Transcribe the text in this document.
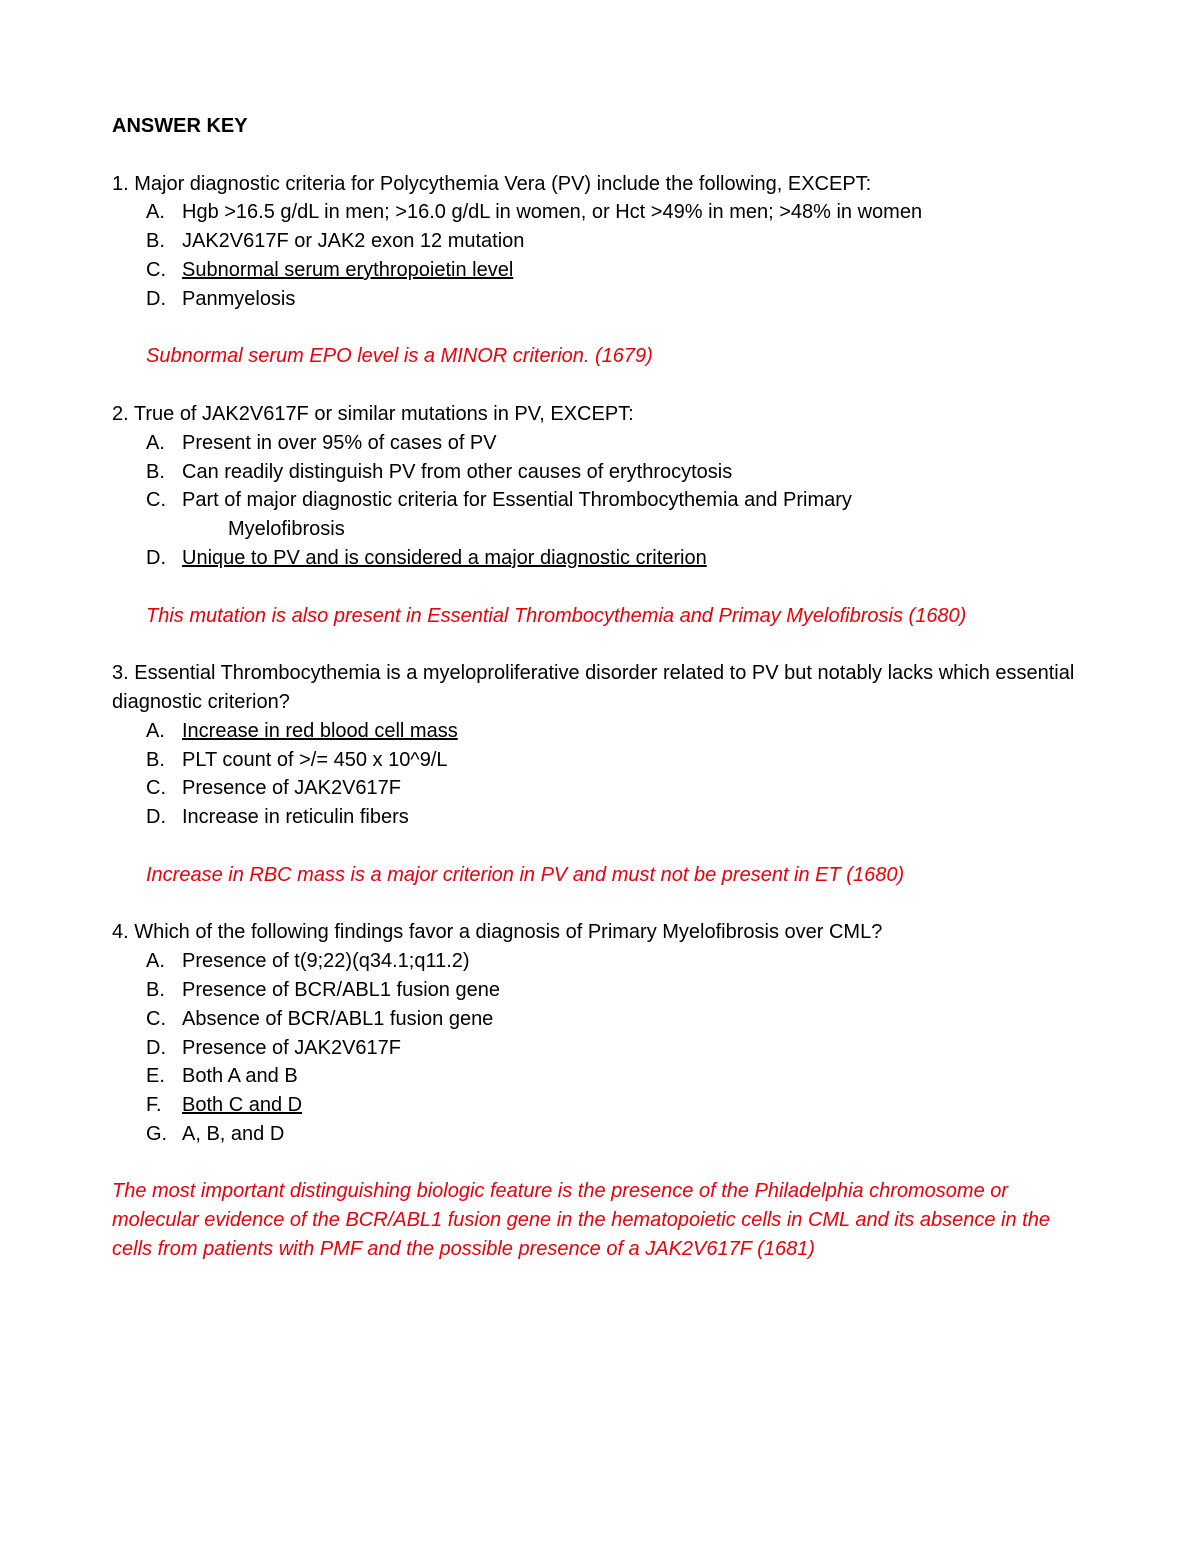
ANSWER KEY
1. Major diagnostic criteria for Polycythemia Vera (PV) include the following, EXCEPT:
A. Hgb >16.5 g/dL in men; >16.0 g/dL in women, or Hct >49% in men; >48% in women
B. JAK2V617F or JAK2 exon 12 mutation
C. Subnormal serum erythropoietin level
D. Panmyelosis
Subnormal serum EPO level is a MINOR criterion. (1679)
2. True of JAK2V617F or similar mutations in PV, EXCEPT:
A. Present in over 95% of cases of PV
B. Can readily distinguish PV from other causes of erythrocytosis
C. Part of major diagnostic criteria for Essential Thrombocythemia and Primary
Myelofibrosis
D. Unique to PV and is considered a major diagnostic criterion
This mutation is also present in Essential Thrombocythemia and Primay Myelofibrosis (1680)
3. Essential Thrombocythemia is a myeloproliferative disorder related to PV but notably lacks which essential diagnostic criterion?
A. Increase in red blood cell mass
B. PLT count of >/= 450 x 10^9/L
C. Presence of JAK2V617F
D. Increase in reticulin fibers
Increase in RBC mass is a major criterion in PV and must not be present in ET (1680)
4. Which of the following findings favor a diagnosis of Primary Myelofibrosis over CML?
A. Presence of t(9;22)(q34.1;q11.2)
B. Presence of BCR/ABL1 fusion gene
C. Absence of BCR/ABL1 fusion gene
D. Presence of JAK2V617F
E. Both A and B
F. Both C and D
G. A, B, and D
The most important distinguishing biologic feature is the presence of the Philadelphia chromosome or molecular evidence of the BCR/ABL1 fusion gene in the hematopoietic cells in CML and its absence in the cells from patients with PMF and the possible presence of a JAK2V617F (1681)
